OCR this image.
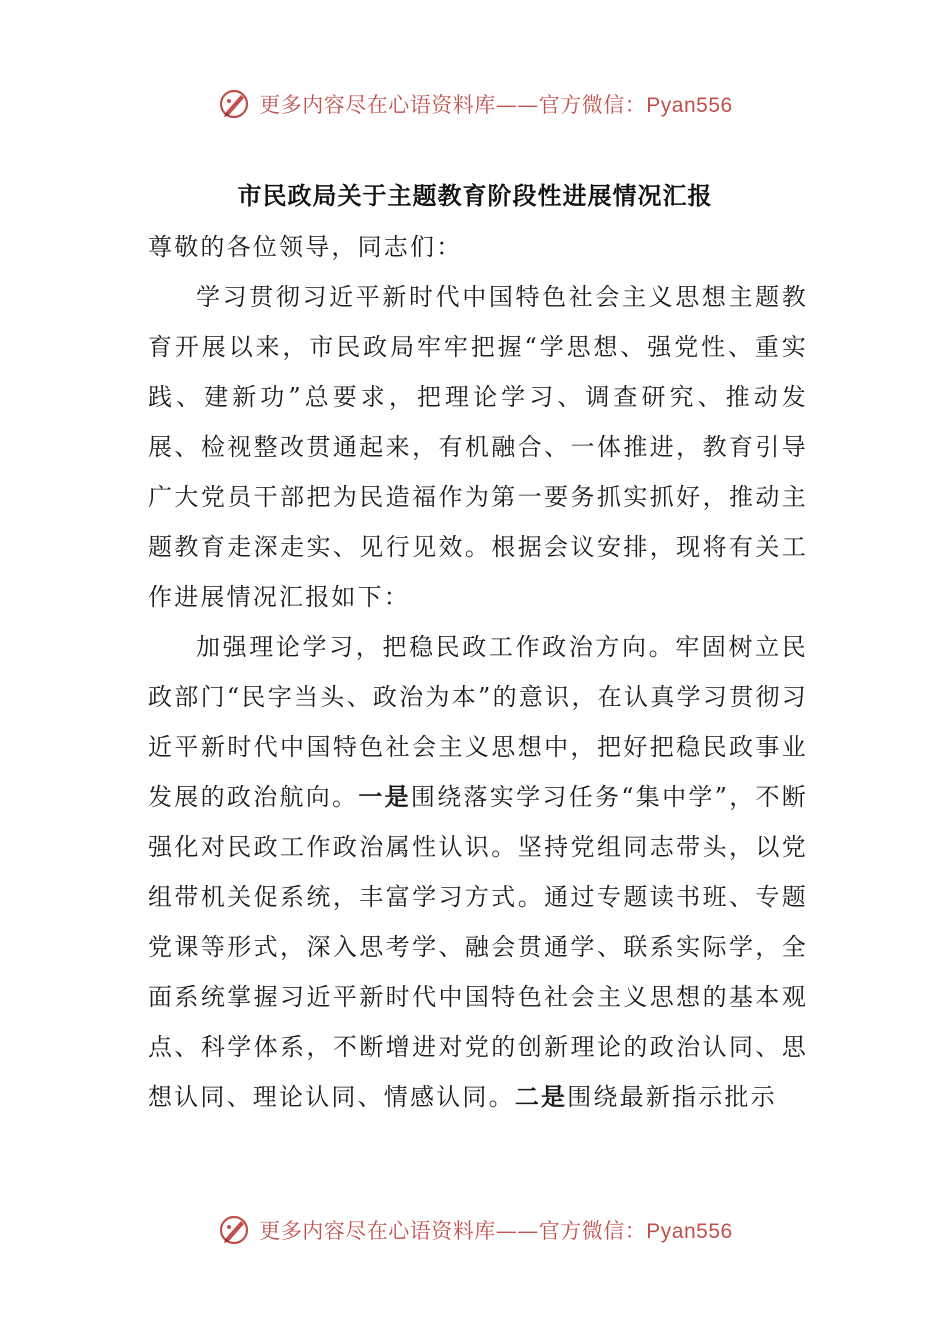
更多内容尽在心语资料库——官方微信：Pyan556
市民政局关于主题教育阶段性进展情况汇报

尊敬的各位领导，同志们：

学习贯彻习近平新时代中国特色社会主义思想主题教育开展以来，市民政局牢牢把握“学思想、强党性、重实践、建新功”总要求，把理论学习、调查研究、推动发展、检视整改贯通起来，有机融合、一体推进，教育引导广大党员干部把为民造福作为第一要务抓实抓好，推动主题教育走深走实、见行见效。根据会议安排，现将有关工作进展情况汇报如下：

加强理论学习，把稳民政工作政治方向。牢固树立民政部门“民字当头、政治为本”的意识，在认真学习贯彻习近平新时代中国特色社会主义思想中，把好把稳民政事业发展的政治航向。一是围绕落实学习任务“集中学”，不断强化对民政工作政治属性认识。坚持党组同志带头，以党组带机关促系统，丰富学习方式。通过专题读书班、专题党课等形式，深入思考学、融会贯通学、联系实际学，全面系统掌握习近平新时代中国特色社会主义思想的基本观点、科学体系，不断增进对党的创新理论的政治认同、思想认同、理论认同、情感认同。二是围绕最新指示批示

更多内容尽在心语资料库——官方微信：Pyan556
